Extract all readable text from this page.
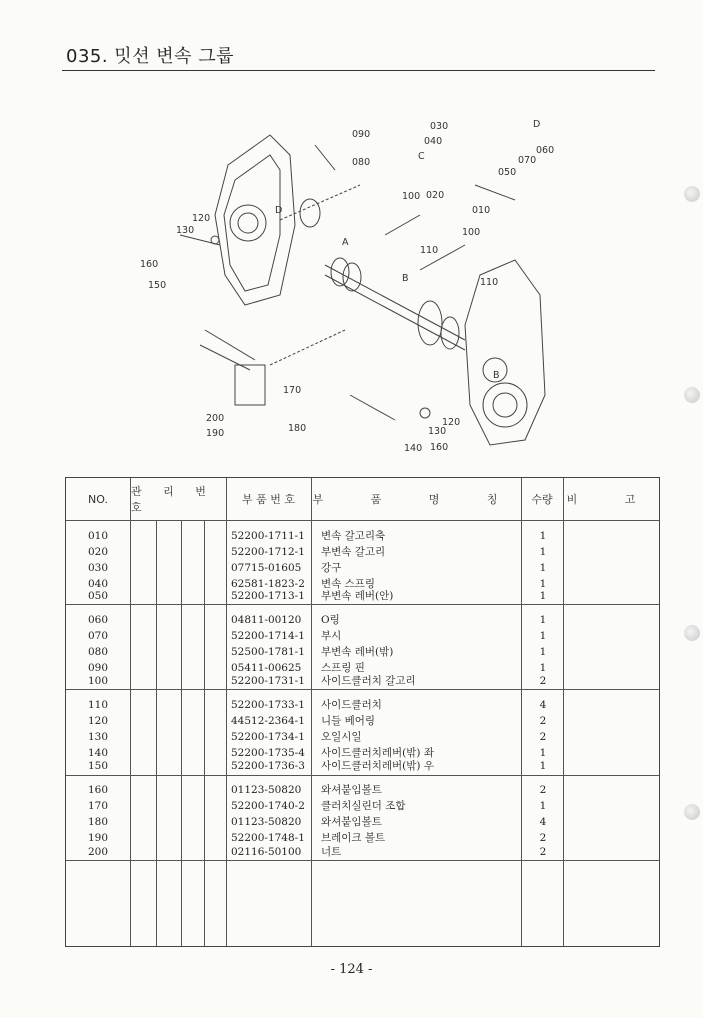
035. 밋션 변속 그룹
090
080
030
040
C
D
060
070
050
020
010
100
110
A
D
120
130
160
150
100
B	110
170
180
200
190
B
120
130
140 160
NO.
관 리 번 호
부 품 번 호	부 품 명 칭	수량	비 고
010	52200-1711-1 변속 갈고리축	1
020	52200-1712-1 부변속 갈고리	1
030	07715-01605 강구	1
040	62581-1823-2 변속 스프링	1
050	52200-1713-1 부변속 레버(안)	1
060	04811-00120 O링	1
070	52200-1714-1 부시	1
080	52500-1781-1 부변속 레버(밖)	1
090	05411-00625 스프링 핀	1
100	52200-1731-1 사이드클러치 갈고리	2
110	52200-1733-1 사이드클러치	4
120	44512-2364-1 니들 베어링	2
130	52200-1734-1 오일시일	2
140	52200-1735-4 사이드클러치레버(밖) 좌	1
150	52200-1736-3 사이드클러치레버(밖) 우	1
160	01123-50820 와셔붙임볼트	2
170	52200-1740-2 클러치실린더 조합	1
180	01123-50820 와셔붙임볼트	4
190	52200-1748-1 브레이크 볼트	2
200	02116-50100 너트	2
- 124 -
